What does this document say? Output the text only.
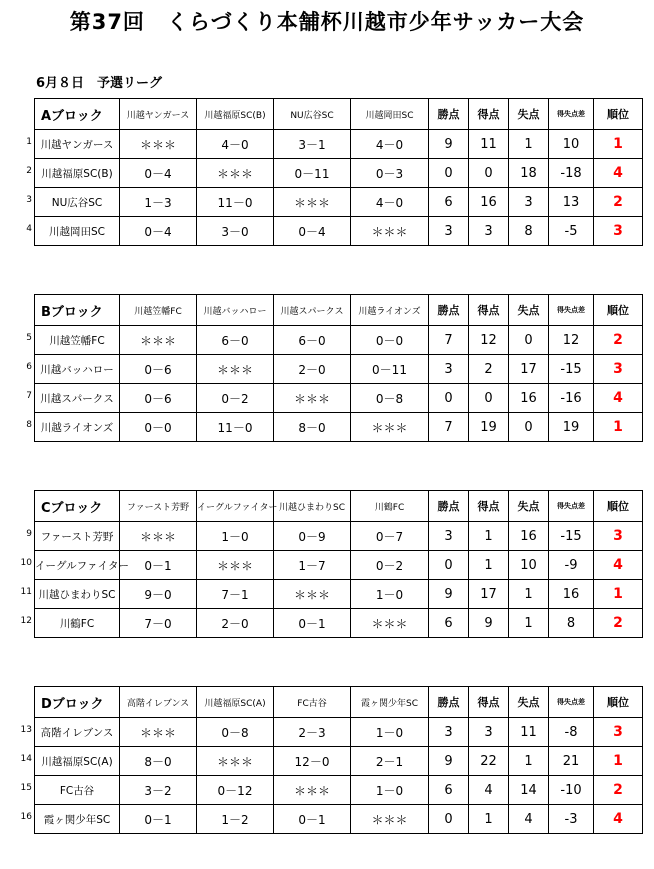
第37回　くらづくり本舗杯川越市少年サッカー大会
6月８日　予選リーグ
Aブロック	川越ヤンガース	川越福原SC(B)	NU広谷SC	川越岡田SC	勝点	得点	失点	得失点差	順位
川越ヤンガース	＊＊＊	4－0	3－1	4－0	9	11	1	10	1
川越福原SC(B)	0－4	＊＊＊	0－11	0－3	0	0	18	-18	4
NU広谷SC	1－3	11－0	＊＊＊	4－0	6	16	3	13	2
川越岡田SC	0－4	3－0	0－4	＊＊＊	3	3	8	-5	3
1
2
3
4
Bブロック	川越笠幡FC	川越バッハロー	川越スパークス	川越ライオンズ	勝点	得点	失点	得失点差	順位
川越笠幡FC	＊＊＊	6－0	6－0	0－0	7	12	0	12	2
川越バッハロー	0－6	＊＊＊	2－0	0－11	3	2	17	-15	3
川越スパークス	0－6	0－2	＊＊＊	0－8	0	0	16	-16	4
川越ライオンズ	0－0	11－0	8－0	＊＊＊	7	19	0	19	1
5
6
7
8
Cブロック	ファースト芳野	イーグルファイター	川越ひまわりSC	川鶴FC	勝点	得点	失点	得失点差	順位
ファースト芳野	＊＊＊	1－0	0－9	0－7	3	1	16	-15	3
イーグルファイター	0－1	＊＊＊	1－7	0－2	0	1	10	-9	4
川越ひまわりSC	9－0	7－1	＊＊＊	1－0	9	17	1	16	1
川鶴FC	7－0	2－0	0－1	＊＊＊	6	9	1	8	2
9
10
11
12
Dブロック	高階イレブンス	川越福原SC(A)	FC古谷	霞ヶ関少年SC	勝点	得点	失点	得失点差	順位
高階イレブンス	＊＊＊	0－8	2－3	1－0	3	3	11	-8	3
川越福原SC(A)	8－0	＊＊＊	12－0	2－1	9	22	1	21	1
FC古谷	3－2	0－12	＊＊＊	1－0	6	4	14	-10	2
霞ヶ関少年SC	0－1	1－2	0－1	＊＊＊	0	1	4	-3	4
13
14
15
16
